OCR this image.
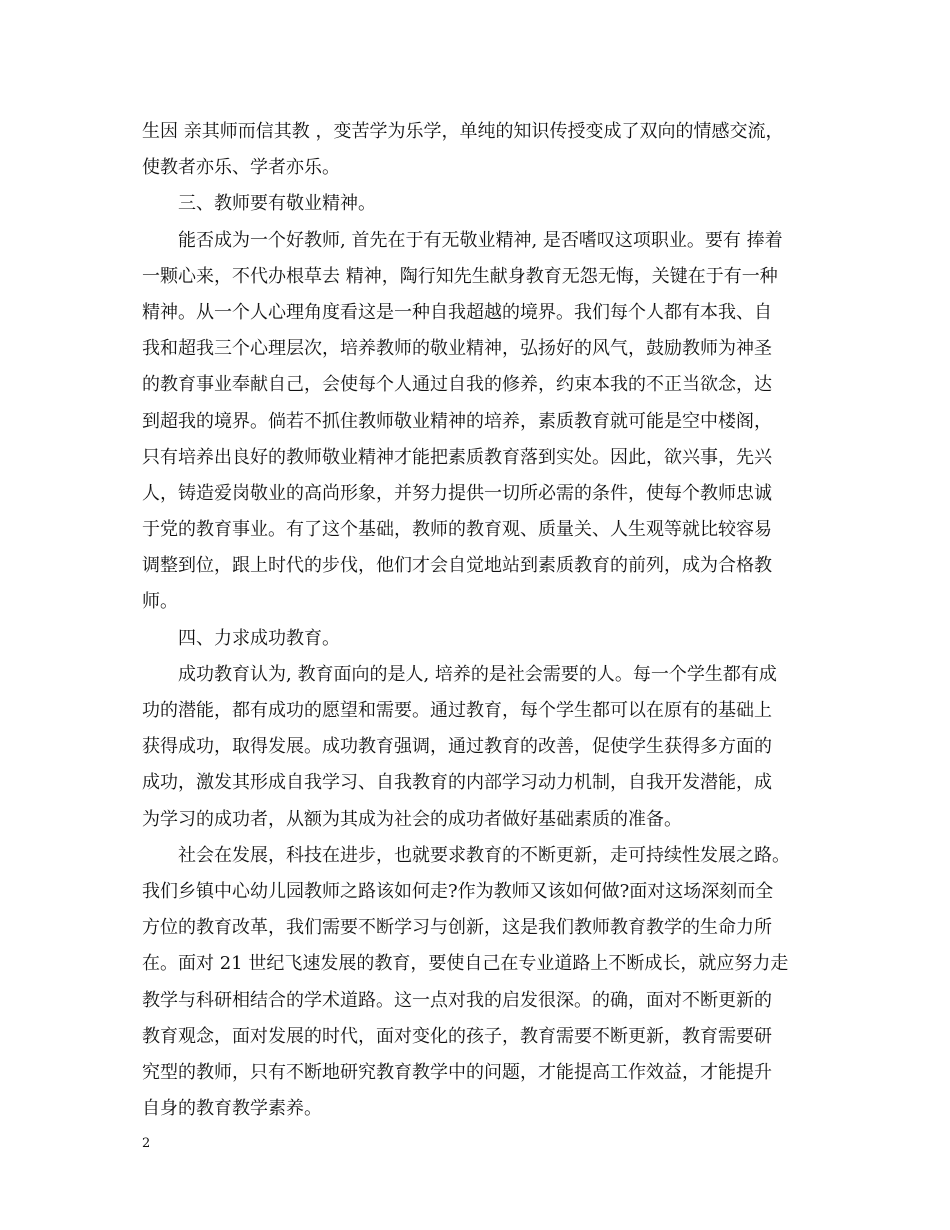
生因 亲其师而信其教 ，变苦学为乐学，单纯的知识传授变成了双向的情感交流，
使教者亦乐、学者亦乐。
三、教师要有敬业精神。
能否成为一个好教师, 首先在于有无敬业精神, 是否嗜叹这项职业。要有 捧着
一颗心来，不代办根草去 精神，陶行知先生献身教育无怨无悔，关键在于有一种
精神。从一个人心理角度看这是一种自我超越的境界。我们每个人都有本我、自
我和超我三个心理层次，培养教师的敬业精神，弘扬好的风气，鼓励教师为神圣
的教育事业奉献自己，会使每个人通过自我的修养，约束本我的不正当欲念，达
到超我的境界。倘若不抓住教师敬业精神的培养，素质教育就可能是空中楼阁，
只有培养出良好的教师敬业精神才能把素质教育落到实处。因此，欲兴事，先兴
人，铸造爱岗敬业的高尚形象，并努力提供一切所必需的条件，使每个教师忠诚
于党的教育事业。有了这个基础，教师的教育观、质量关、人生观等就比较容易
调整到位，跟上时代的步伐，他们才会自觉地站到素质教育的前列，成为合格教
师。
四、力求成功教育。
成功教育认为, 教育面向的是人, 培养的是社会需要的人。每一个学生都有成
功的潜能，都有成功的愿望和需要。通过教育，每个学生都可以在原有的基础上
获得成功，取得发展。成功教育强调，通过教育的改善，促使学生获得多方面的
成功，激发其形成自我学习、自我教育的内部学习动力机制，自我开发潜能，成
为学习的成功者，从额为其成为社会的成功者做好基础素质的准备。
社会在发展，科技在进步，也就要求教育的不断更新，走可持续性发展之路。
我们乡镇中心幼儿园教师之路该如何走?作为教师又该如何做?面对这场深刻而全
方位的教育改革，我们需要不断学习与创新，这是我们教师教育教学的生命力所
在。面对 21 世纪飞速发展的教育，要使自己在专业道路上不断成长，就应努力走
教学与科研相结合的学术道路。这一点对我的启发很深。的确，面对不断更新的
教育观念，面对发展的时代，面对变化的孩子，教育需要不断更新，教育需要研
究型的教师，只有不断地研究教育教学中的问题，才能提高工作效益，才能提升
自身的教育教学素养。
2
